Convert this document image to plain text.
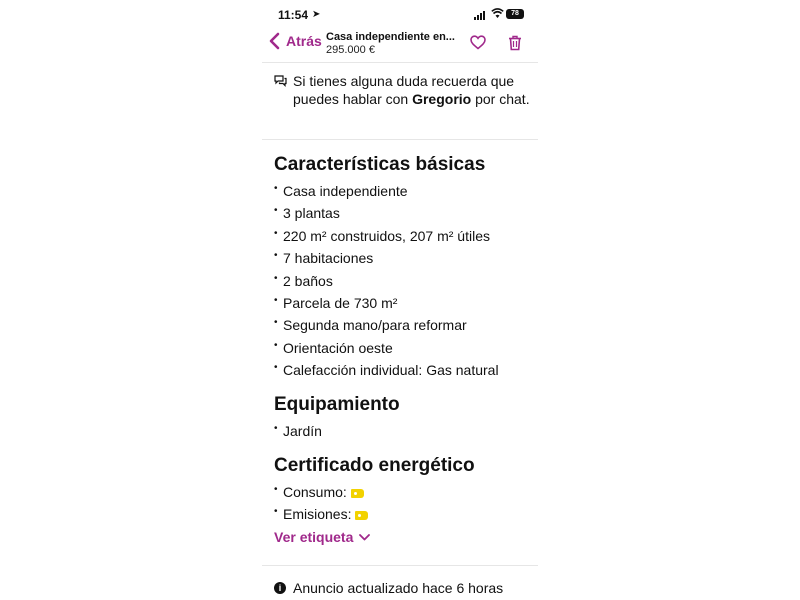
11:54 ➤	78
Atrás Casa independiente en...
295.000 €
Si tienes alguna duda recuerda que puedes hablar con Gregorio por chat.
Características básicas
• Casa independiente
• 3 plantas
• 220 m² construidos, 207 m² útiles
• 7 habitaciones
• 2 baños
• Parcela de 730 m²
• Segunda mano/para reformar
• Orientación oeste
• Calefacción individual: Gas natural
Equipamiento
• Jardín
Certificado energético
• Consumo:
• Emisiones:
Ver etiqueta
i Anuncio actualizado hace 6 horas
